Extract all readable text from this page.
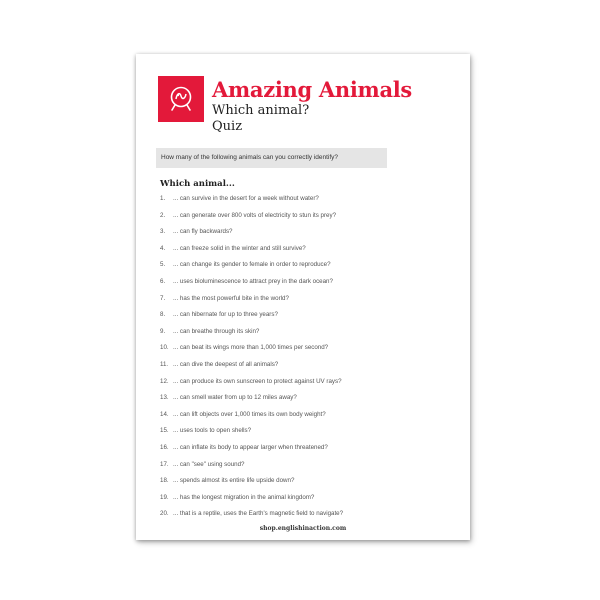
Amazing Animals
Which animal?
Quiz
How many of the following animals can you correctly identify?
Which animal...
1. ... can survive in the desert for a week without water?
2. ... can generate over 800 volts of electricity to stun its prey?
3. ... can fly backwards?
4. ... can freeze solid in the winter and still survive?
5. ... can change its gender to female in order to reproduce?
6. ... uses bioluminescence to attract prey in the dark ocean?
7. ... has the most powerful bite in the world?
8. ... can hibernate for up to three years?
9. ... can breathe through its skin?
10. ... can beat its wings more than 1,000 times per second?
11. ... can dive the deepest of all animals?
12. ... can produce its own sunscreen to protect against UV rays?
13. ... can smell water from up to 12 miles away?
14. ... can lift objects over 1,000 times its own body weight?
15. ... uses tools to open shells?
16. ... can inflate its body to appear larger when threatened?
17. ... can "see" using sound?
18. ... spends almost its entire life upside down?
19. ... has the longest migration in the animal kingdom?
20. ... that is a reptile, uses the Earth's magnetic field to navigate?
shop.englishinaction.com
